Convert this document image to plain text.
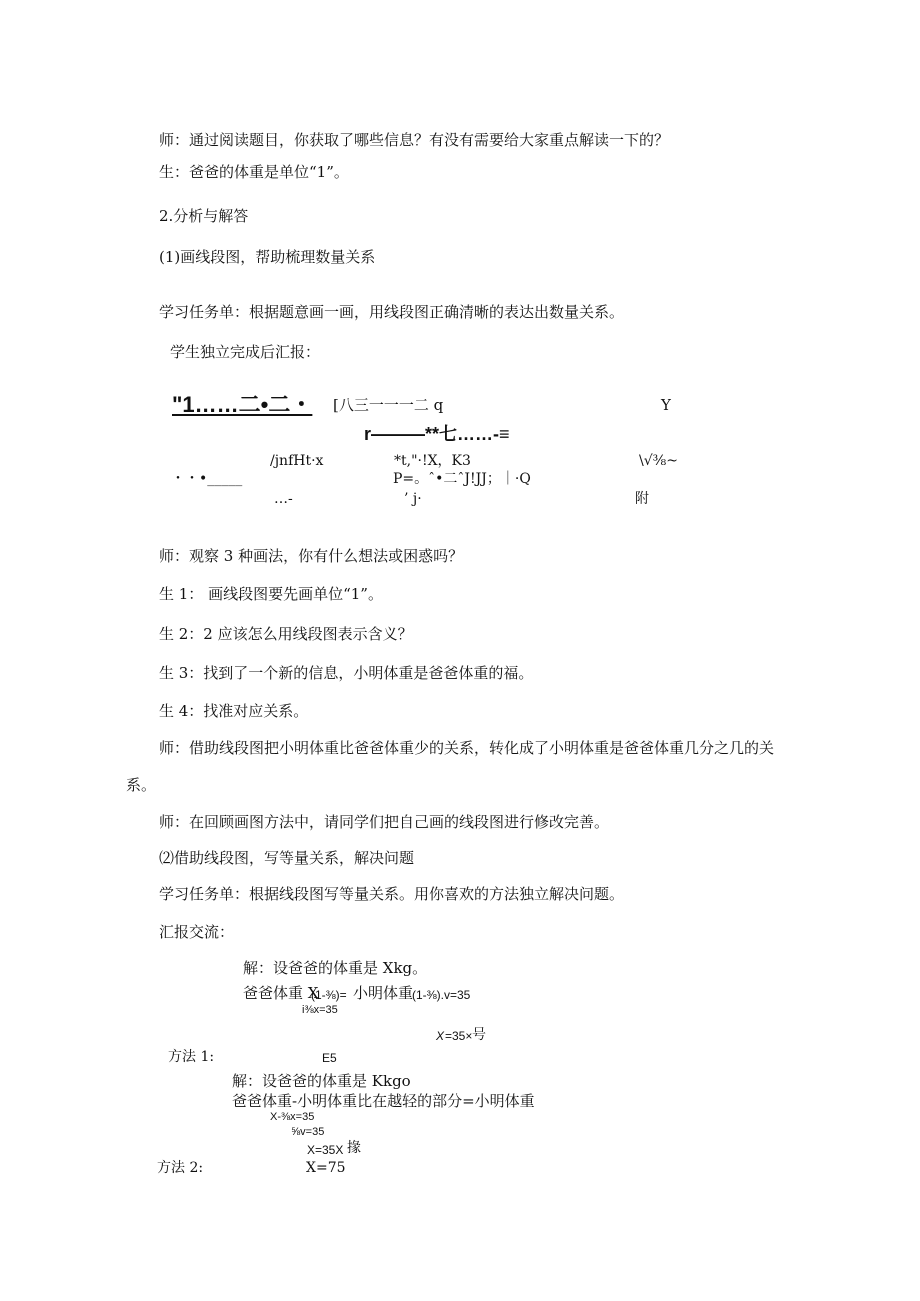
师：通过阅读题目，你获取了哪些信息？有没有需要给大家重点解读一下的？
生：爸爸的体重是单位“1”。
2.分析与解答
(1)画线段图，帮助梳理数量关系
学习任务单：根据题意画一画，用线段图正确清晰的表达出数量关系。
学生独立完成后汇报：
"1……二•二・ [八三一一一二 q	Y
r———**七……-≡
/jnfHt·x	*t,"·!X，K3	\√⅜~
・・•_____	P=。ˆ•二ˆJ!JJ；｜·Q
…-	’ j·	附
师：观察 3 种画法，你有什么想法或困惑吗？
生 1： 画线段图要先画单位“1”。
生 2：2 应该怎么用线段图表示含义？
生 3：找到了一个新的信息，小明体重是爸爸体重的福。
生 4：找准对应关系。
师：借助线段图把小明体重比爸爸体重少的关系，转化成了小明体重是爸爸体重几分之几的关
系。
师：在回顾画图方法中，请同学们把自己画的线段图进行修改完善。
⑵借助线段图，写等量关系，解决问题
学习任务单：根据线段图写等量关系。用你喜欢的方法独立解决问题。
汇报交流：
解：设爸爸的体重是 Xkg。
爸爸体重 X
(1-⅜)= 小明体重
(1-⅜).v=35
i⅜x=35
X =35× 号
方法 1:	E5
解：设爸爸的体重是 Kkgo
爸爸体重-小明体重比在越轻的部分=小明体重
X-⅜x=35
⅝v=35
X=35X 掾
方法 2:	X=75
